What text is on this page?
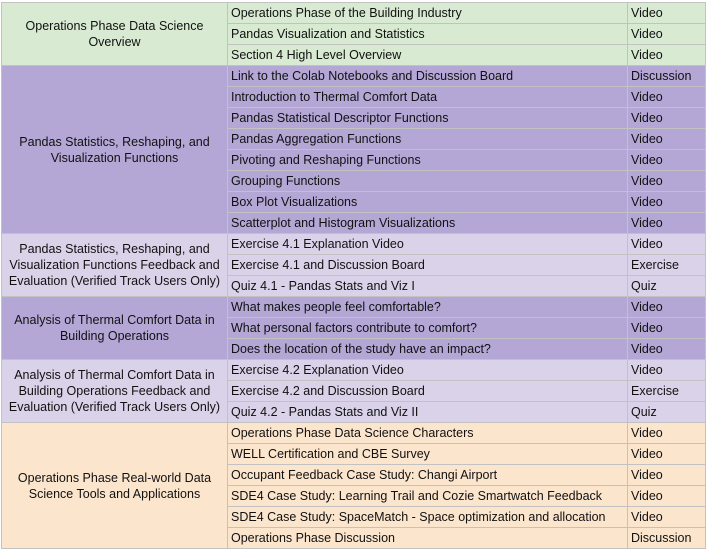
Operations Phase Data Science Overview	Operations Phase of the Building Industry	Video
	Pandas Visualization and Statistics	Video
	Section 4 High Level Overview	Video
Pandas Statistics, Reshaping, and Visualization Functions	Link to the Colab Notebooks and Discussion Board	Discussion
	Introduction to Thermal Comfort Data	Video
	Pandas Statistical Descriptor Functions	Video
	Pandas Aggregation Functions	Video
	Pivoting and Reshaping Functions	Video
	Grouping Functions	Video
	Box Plot Visualizations	Video
	Scatterplot and Histogram Visualizations	Video
Pandas Statistics, Reshaping, and Visualization Functions Feedback and Evaluation (Verified Track Users Only)	Exercise 4.1 Explanation Video	Video
	Exercise 4.1 and Discussion Board	Exercise
	Quiz 4.1 - Pandas Stats and Viz I	Quiz
Analysis of Thermal Comfort Data in Building Operations	What makes people feel comfortable?	Video
	What personal factors contribute to comfort?	Video
	Does the location of the study have an impact?	Video
Analysis of Thermal Comfort Data in Building Operations Feedback and Evaluation (Verified Track Users Only)	Exercise 4.2 Explanation Video	Video
	Exercise 4.2 and Discussion Board	Exercise
	Quiz 4.2 - Pandas Stats and Viz II	Quiz
Operations Phase Real-world Data Science Tools and Applications	Operations Phase Data Science Characters	Video
	WELL Certification and CBE Survey	Video
	Occupant Feedback Case Study: Changi Airport	Video
	SDE4 Case Study: Learning Trail and Cozie Smartwatch Feedback	Video
	SDE4 Case Study: SpaceMatch - Space optimization and allocation	Video
	Operations Phase Discussion	Discussion
